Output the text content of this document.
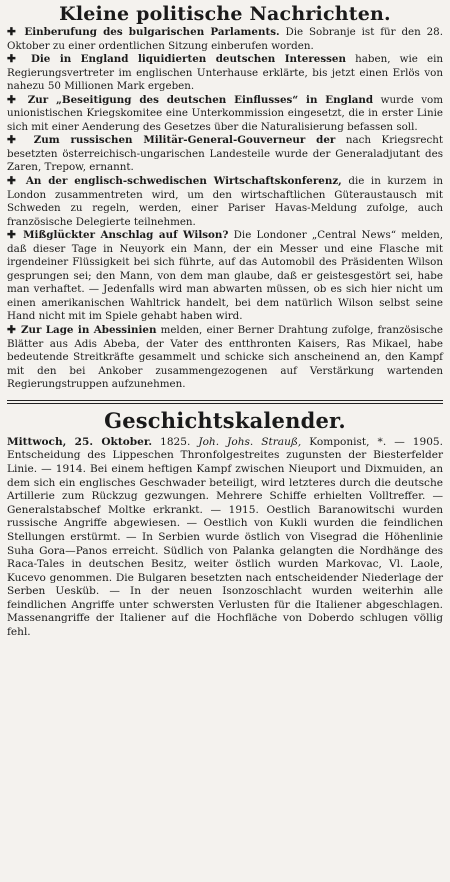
Kleine politische Nachrichten.

✚ Einberufung des bulgarischen Parlaments. Die Sobranje ist für den 28. Oktober zu einer ordentlichen Sitzung einberufen worden.

✚ Die in England liquidierten deutschen Interessen haben, wie ein Regierungsvertreter im englischen Unterhause erklärte, bis jetzt einen Erlös von nahezu 50 Millionen Mark ergeben.

✚ Zur „Beseitigung des deutschen Einflusses“ in England wurde vom unionistischen Kriegskomitee eine Unterkommission eingesetzt, die in erster Linie sich mit einer Aenderung des Gesetzes über die Naturalisierung befassen soll.

✚ Zum russischen Militär-General-Gouverneur der nach Kriegsrecht besetzten österreichisch-ungarischen Landesteile wurde der Generaladjutant des Zaren, Trepow, ernannt.

✚ An der englisch-schwedischen Wirtschaftskonferenz, die in kurzem in London zusammentreten wird, um den wirtschaftlichen Güteraustausch mit Schweden zu regeln, werden, einer Pariser Havas-Meldung zufolge, auch französische Delegierte teilnehmen.

✚ Mißglückter Anschlag auf Wilson? Die Londoner „Central News“ melden, daß dieser Tage in Neuyork ein Mann, der ein Messer und eine Flasche mit irgendeiner Flüssigkeit bei sich führte, auf das Automobil des Präsidenten Wilson gesprungen sei; den Mann, von dem man glaube, daß er geistesgestört sei, habe man verhaftet. — Jedenfalls wird man abwarten müssen, ob es sich hier nicht um einen amerikanischen Wahltrick handelt, bei dem natürlich Wilson selbst seine Hand nicht mit im Spiele gehabt haben wird.

✚ Zur Lage in Abessinien melden, einer Berner Drahtung zufolge, französische Blätter aus Adis Abeba, der Vater des entthronten Kaisers, Ras Mikael, habe bedeutende Streitkräfte gesammelt und schicke sich anscheinend an, den Kampf mit den bei Ankober zusammengezogenen auf Verstärkung wartenden Regierungstruppen aufzunehmen.

Geschichtskalender.

Mittwoch, 25. Oktober. 1825. Joh. Johs. Strauß, Komponist, *. — 1905. Entscheidung des Lippeschen Thronfolgestreites zugunsten der Biesterfelder Linie. — 1914. Bei einem heftigen Kampf zwischen Nieuport und Dixmuiden, an dem sich ein englisches Geschwader beteiligt, wird letzteres durch die deutsche Artillerie zum Rückzug gezwungen. Mehrere Schiffe erhielten Volltreffer. — Generalstabschef Moltke erkrankt. — 1915. Oestlich Baranowitschi wurden russische Angriffe abgewiesen. — Oestlich von Kukli wurden die feindlichen Stellungen erstürmt. — In Serbien wurde östlich von Visegrad die Höhenlinie Suha Gora—Panos erreicht. Südlich von Palanka gelangten die Nordhänge des Raca-Tales in deutschen Besitz, weiter östlich wurden Markovac, Vl. Laole, Kucevo genommen. Die Bulgaren besetzten nach entscheidender Niederlage der Serben Uesküb. — In der neuen Isonzoschlacht wurden weiterhin alle feindlichen Angriffe unter schwersten Verlusten für die Italiener abgeschlagen. Massenangriffe der Italiener auf die Hochfläche von Doberdo schlugen völlig fehl.
